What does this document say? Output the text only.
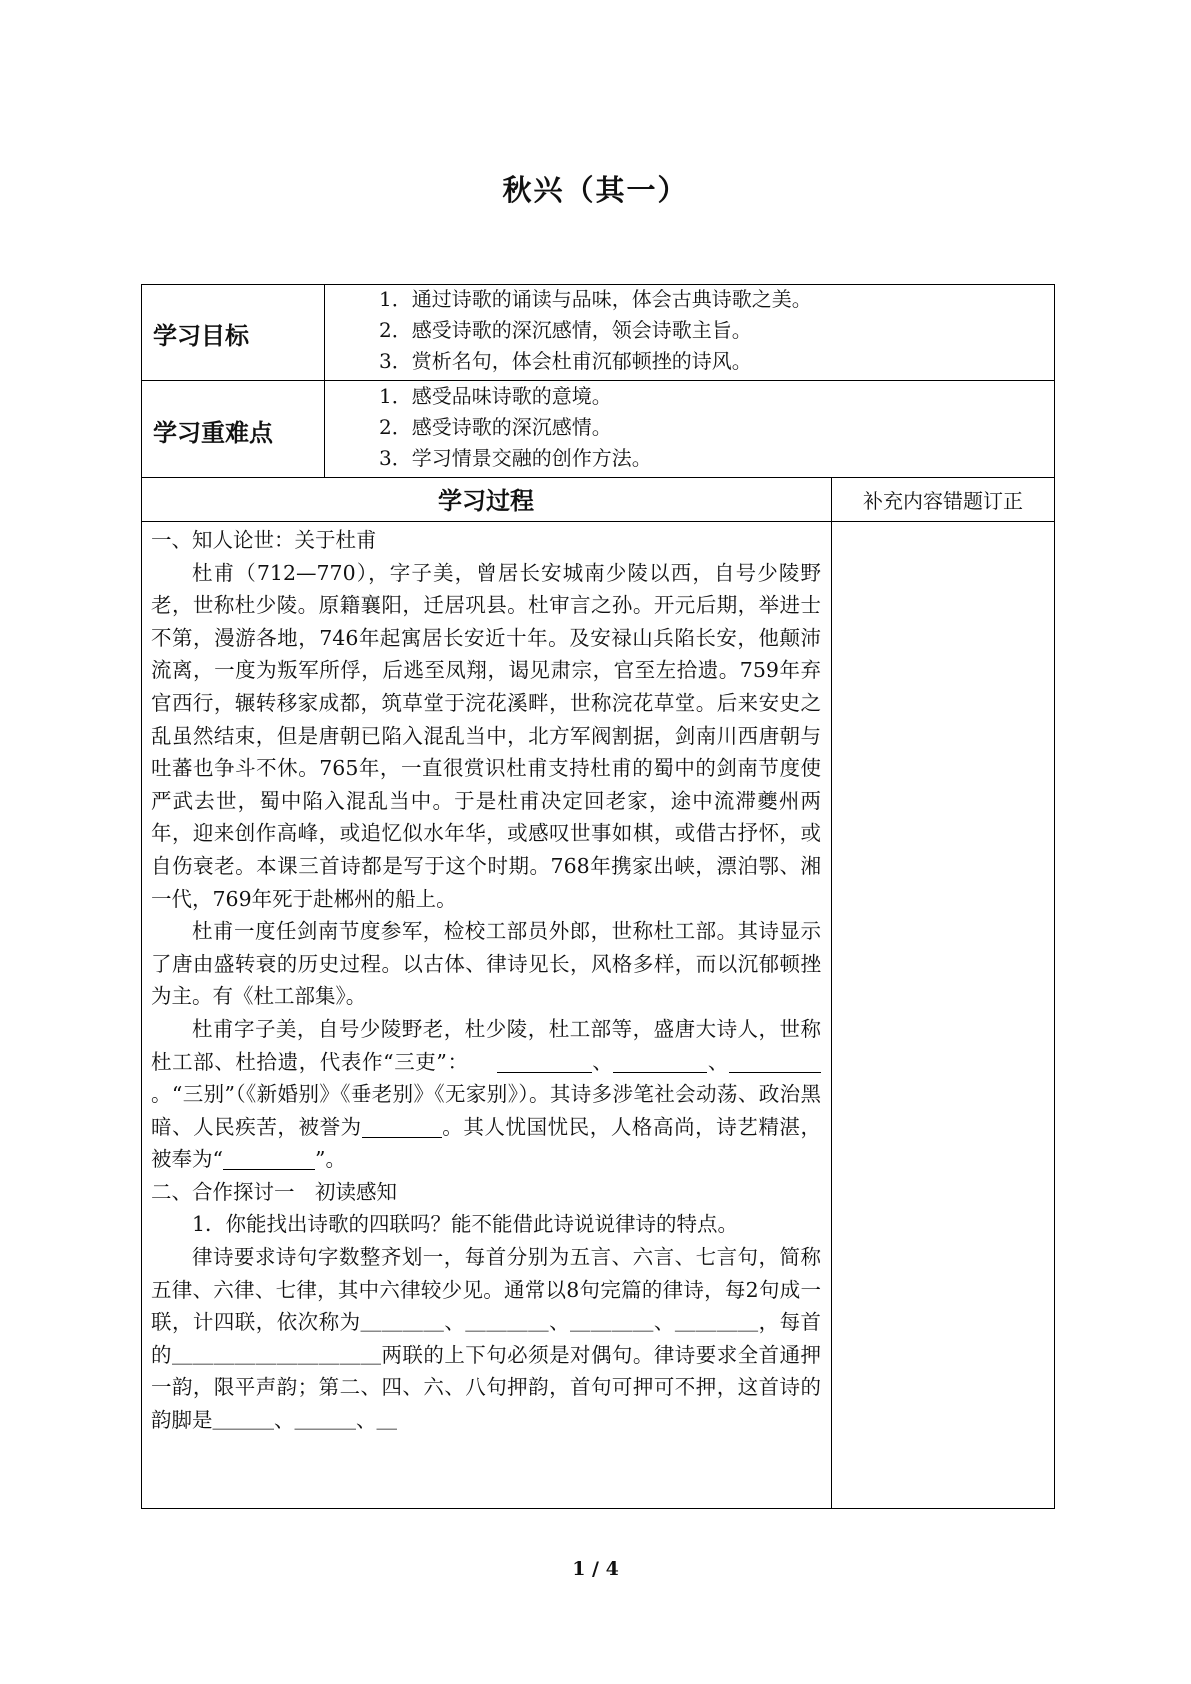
秋兴（其一）
学习目标
1．通过诗歌的诵读与品味，体会古典诗歌之美。
2．感受诗歌的深沉感情，领会诗歌主旨。
3．赏析名句，体会杜甫沉郁顿挫的诗风。
学习重难点
1．感受品味诗歌的意境。
2．感受诗歌的深沉感情。
3．学习情景交融的创作方法。
学习过程	补充内容错题订正

一、知人论世：关于杜甫

杜甫（712—770），字子美，曾居长安城南少陵以西，自号少陵野老，世称杜少陵。原籍襄阳，迁居巩县。杜审言之孙。开元后期，举进士不第，漫游各地，746年起寓居长安近十年。及安禄山兵陷长安，他颠沛流离，一度为叛军所俘，后逃至凤翔，谒见肃宗，官至左拾遗。759年弃官西行，辗转移家成都，筑草堂于浣花溪畔，世称浣花草堂。后来安史之乱虽然结束，但是唐朝已陷入混乱当中，北方军阀割据，剑南川西唐朝与吐蕃也争斗不休。765年，一直很赏识杜甫支持杜甫的蜀中的剑南节度使严武去世，蜀中陷入混乱当中。于是杜甫决定回老家，途中流滞夔州两年，迎来创作高峰，或追忆似水年华，或感叹世事如棋，或借古抒怀，或自伤衰老。本课三首诗都是写于这个时期。768年携家出峡，漂泊鄂、湘一代，769年死于赴郴州的船上。

杜甫一度任剑南节度参军，检校工部员外郎，世称杜工部。其诗显示了唐由盛转衰的历史过程。以古体、律诗见长，风格多样，而以沉郁顿挫为主。有《杜工部集》。

杜甫字子美，自号少陵野老，杜少陵，杜工部等，盛唐大诗人，世称杜工部、杜拾遗，代表作“三吏”：	、	、。“三别”（《新婚别》《垂老别》《无家别》）。其诗多涉笔社会动荡、政治黑暗、人民疾苦，被誉为	。其人忧国忧民，人格高尚，诗艺精湛，被奉为“	”。

二、合作探讨一　初读感知

1．你能找出诗歌的四联吗？能不能借此诗说说律诗的特点。

律诗要求诗句字数整齐划一，每首分别为五言、六言、七言句，简称五律、六律、七律，其中六律较少见。通常以8句完篇的律诗，每2句成一联，计四联，依次称为＿＿＿＿、＿＿＿＿、＿＿＿＿、＿＿＿＿，每首的＿＿＿＿＿＿＿＿＿＿两联的上下句必须是对偶句。律诗要求全首通押一韵，限平声韵；第二、四、六、八句押韵，首句可押可不押，这首诗的韵脚是＿＿＿、＿＿＿、＿

1 / 4
